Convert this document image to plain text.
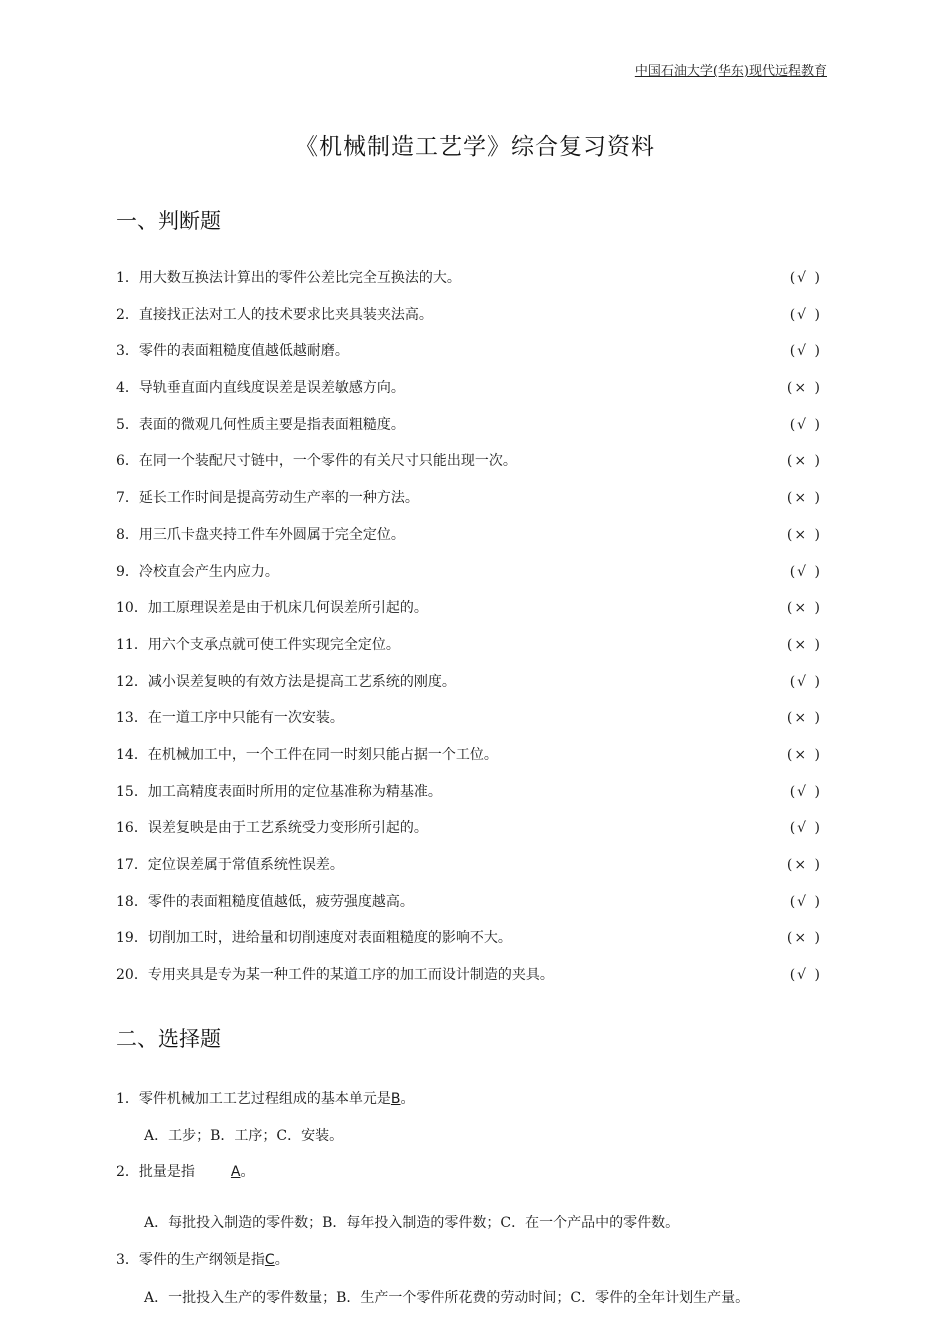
中国石油大学(华东)现代远程教育
《机械制造工艺学》综合复习资料
一、判断题
1．用大数互换法计算出的零件公差比完全互换法的大。	(√ )
2．直接找正法对工人的技术要求比夹具装夹法高。	(√ )
3．零件的表面粗糙度值越低越耐磨。	(√ )
4．导轨垂直面内直线度误差是误差敏感方向。	(× )
5．表面的微观几何性质主要是指表面粗糙度。	(√ )
6．在同一个装配尺寸链中，一个零件的有关尺寸只能出现一次。	(× )
7．延长工作时间是提高劳动生产率的一种方法。	(× )
8．用三爪卡盘夹持工件车外圆属于完全定位。	(× )
9．冷校直会产生内应力。	(√ )
10．加工原理误差是由于机床几何误差所引起的。	(× )
11．用六个支承点就可使工件实现完全定位。	(× )
12．减小误差复映的有效方法是提高工艺系统的刚度。	(√ )
13．在一道工序中只能有一次安装。	(× )
14．在机械加工中，一个工件在同一时刻只能占据一个工位。	(× )
15．加工高精度表面时所用的定位基准称为精基准。	(√ )
16．误差复映是由于工艺系统受力变形所引起的。	(√ )
17．定位误差属于常值系统性误差。	(× )
18．零件的表面粗糙度值越低，疲劳强度越高。	(√ )
19．切削加工时，进给量和切削速度对表面粗糙度的影响不大。	(× )
20．专用夹具是专为某一种工件的某道工序的加工而设计制造的夹具。	(√ )
二、选择题
1．零件机械加工工艺过程组成的基本单元是B。
A．工步；B．工序；C．安装。
2．批量是指	A。
A．每批投入制造的零件数；B．每年投入制造的零件数；C．在一个产品中的零件数。
3．零件的生产纲领是指C。
A．一批投入生产的零件数量；B．生产一个零件所花费的劳动时间；C．零件的全年计划生产量。
